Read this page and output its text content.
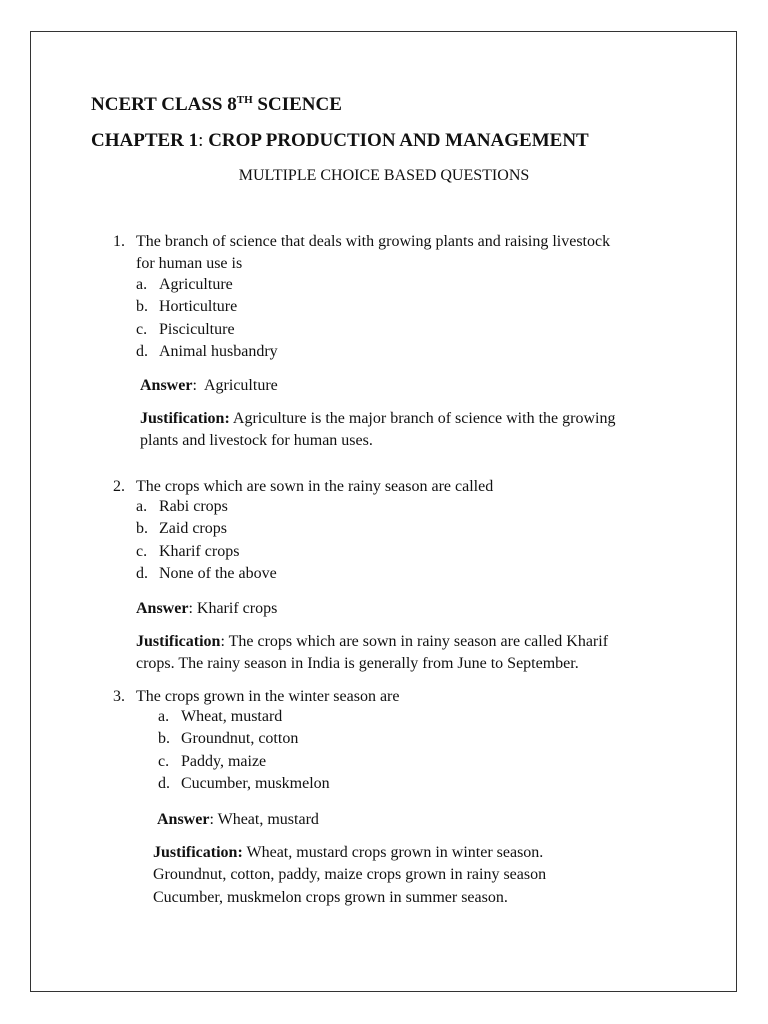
NCERT CLASS 8TH SCIENCE
CHAPTER 1: CROP PRODUCTION AND MANAGEMENT
MULTIPLE CHOICE BASED QUESTIONS
1. The branch of science that deals with growing plants and raising livestock
for human use is
a. Agriculture
b. Horticulture
c. Pisciculture
d. Animal husbandry
Answer:  Agriculture
Justification: Agriculture is the major branch of science with the growing
plants and livestock for human uses.
2. The crops which are sown in the rainy season are called
a. Rabi crops
b. Zaid crops
c. Kharif crops
d. None of the above
Answer: Kharif crops
Justification: The crops which are sown in rainy season are called Kharif
crops. The rainy season in India is generally from June to September.
3. The crops grown in the winter season are
a. Wheat, mustard
b. Groundnut, cotton
c. Paddy, maize
d. Cucumber, muskmelon
Answer: Wheat, mustard
Justification: Wheat, mustard crops grown in winter season.
Groundnut, cotton, paddy, maize crops grown in rainy season
Cucumber, muskmelon crops grown in summer season.
